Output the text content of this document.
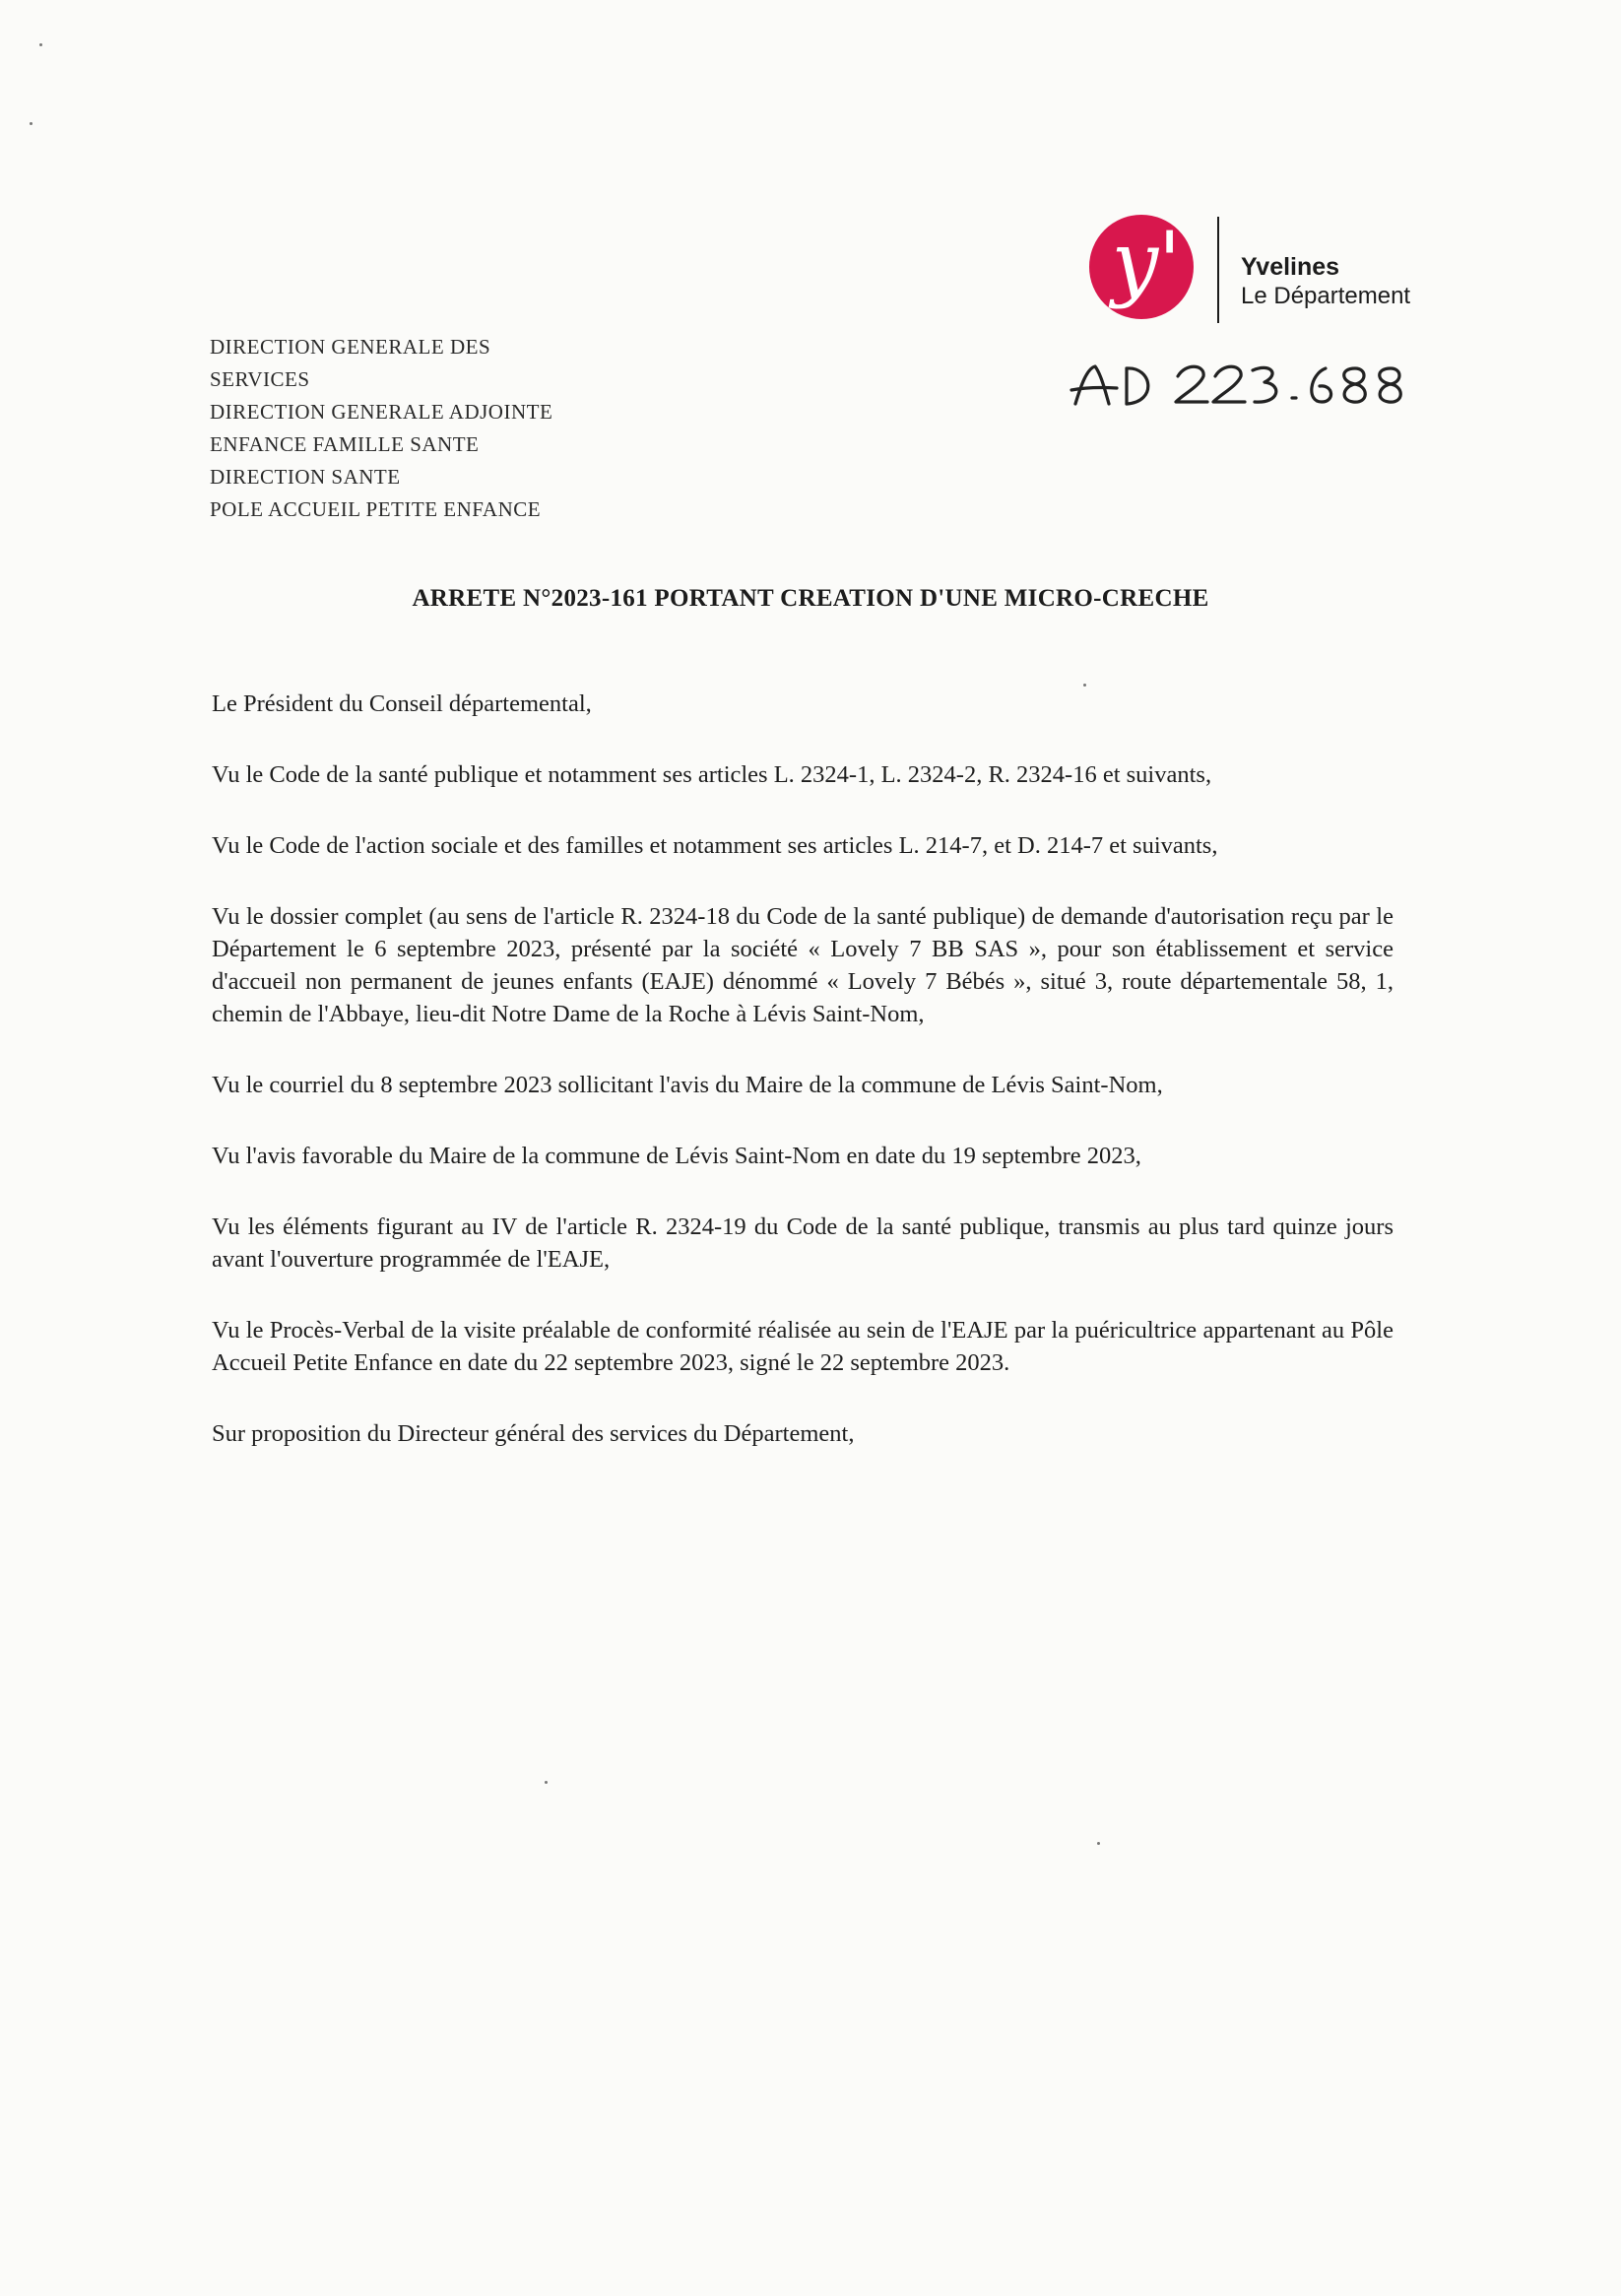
y'	Yvelines
Le Département
DIRECTION GENERALE DES
SERVICES
DIRECTION GENERALE ADJOINTE
ENFANCE FAMILLE SANTE
DIRECTION SANTE
POLE ACCUEIL PETITE ENFANCE
ARRETE N°2023-161 PORTANT CREATION D'UNE MICRO-CRECHE

Le Président du Conseil départemental,

Vu le Code de la santé publique et notamment ses articles L. 2324-1, L. 2324-2, R. 2324-16 et suivants,

Vu le Code de l'action sociale et des familles et notamment ses articles L. 214-7, et D. 214-7 et suivants,

Vu le dossier complet (au sens de l'article R. 2324-18 du Code de la santé publique) de demande d'autorisation reçu par le Département le 6 septembre 2023, présenté par la société « Lovely 7 BB SAS », pour son établissement et service d'accueil non permanent de jeunes enfants (EAJE) dénommé « Lovely 7 Bébés », situé 3, route départementale 58, 1, chemin de l'Abbaye, lieu-dit Notre Dame de la Roche à Lévis Saint-Nom,

Vu le courriel du 8 septembre 2023 sollicitant l'avis du Maire de la commune de Lévis Saint-Nom,

Vu l'avis favorable du Maire de la commune de Lévis Saint-Nom en date du 19 septembre 2023,

Vu les éléments figurant au IV de l'article R. 2324-19 du Code de la santé publique, transmis au plus tard quinze jours avant l'ouverture programmée de l'EAJE,

Vu le Procès-Verbal de la visite préalable de conformité réalisée au sein de l'EAJE par la puéricultrice appartenant au Pôle Accueil Petite Enfance en date du 22 septembre 2023, signé le 22 septembre 2023.

Sur proposition du Directeur général des services du Département,
